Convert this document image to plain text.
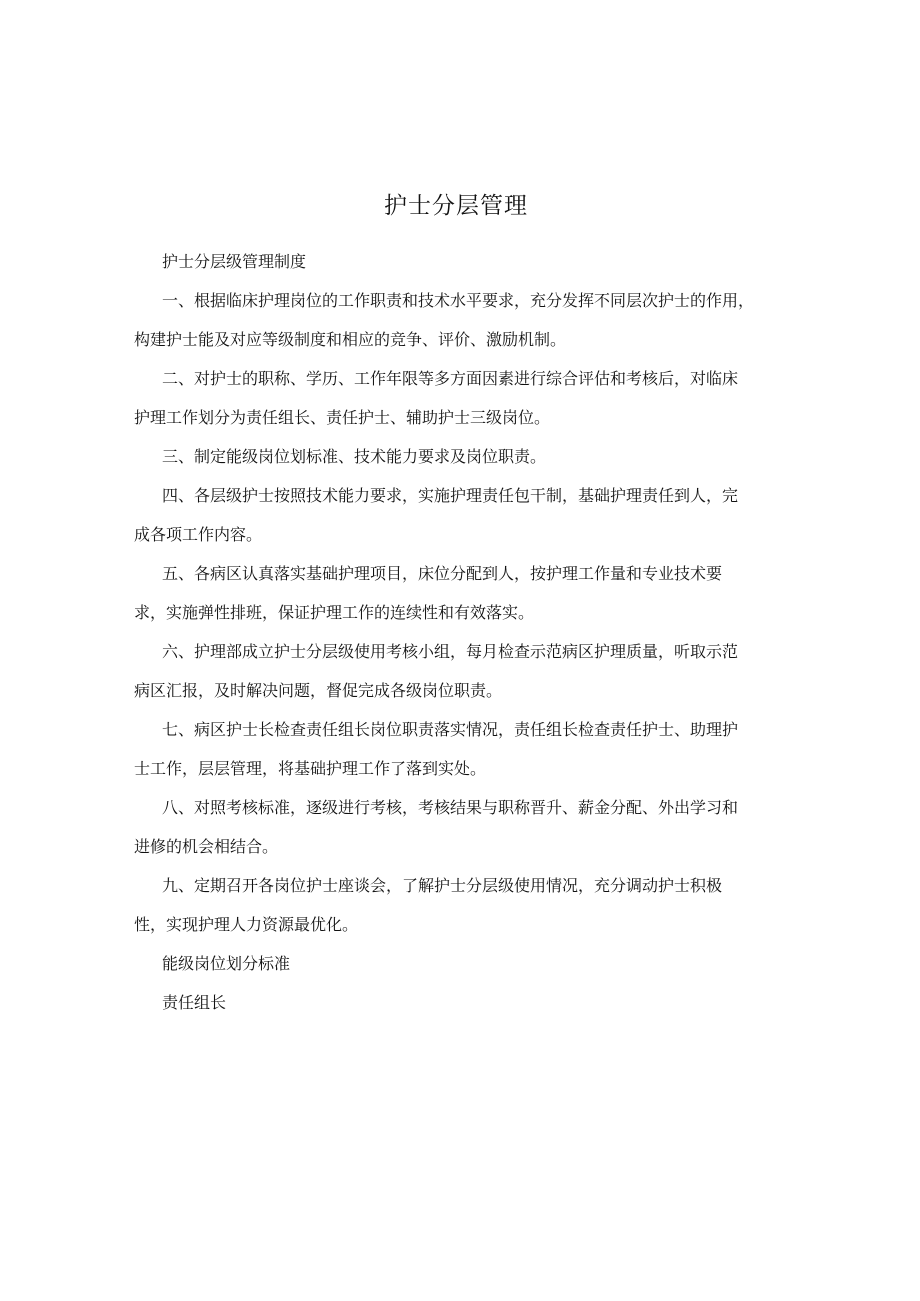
护士分层管理
护士分层级管理制度
一、根据临床护理岗位的工作职责和技术水平要求，充分发挥不同层次护士的作用，
构建护士能及对应等级制度和相应的竞争、评价、激励机制。
二、对护士的职称、学历、工作年限等多方面因素进行综合评估和考核后，对临床
护理工作划分为责任组长、责任护士、辅助护士三级岗位。
三、制定能级岗位划标准、技术能力要求及岗位职责。
四、各层级护士按照技术能力要求，实施护理责任包干制，基础护理责任到人，完
成各项工作内容。
五、各病区认真落实基础护理项目，床位分配到人，按护理工作量和专业技术要
求，实施弹性排班，保证护理工作的连续性和有效落实。
六、护理部成立护士分层级使用考核小组，每月检查示范病区护理质量，听取示范
病区汇报，及时解决问题，督促完成各级岗位职责。
七、病区护士长检查责任组长岗位职责落实情况，责任组长检查责任护士、助理护
士工作，层层管理，将基础护理工作了落到实处。
八、对照考核标准，逐级进行考核，考核结果与职称晋升、薪金分配、外出学习和
进修的机会相结合。
九、定期召开各岗位护士座谈会，了解护士分层级使用情况，充分调动护士积极
性，实现护理人力资源最优化。
能级岗位划分标准
责任组长
